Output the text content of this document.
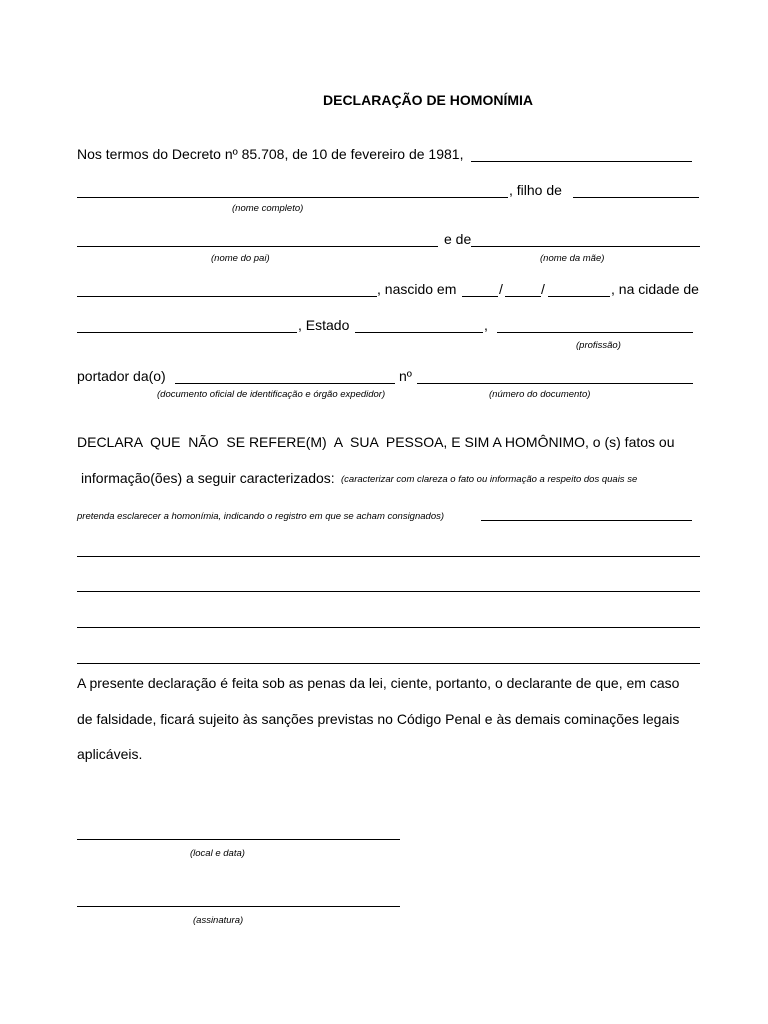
DECLARAÇÃO DE HOMONÍMIA
Nos termos do Decreto nº 85.708, de 10 de fevereiro de 1981,
, filho de
(nome completo)
e de
(nome do pai)	(nome da mãe)
, nascido em	/	/	, na cidade de
, Estado	,
(profissão)
portador da(o)	nº
(documento oficial de identificação e órgão expedidor)	(número do documento)
DECLARA  QUE  NÃO  SE REFERE(M)  A  SUA  PESSOA, E SIM A HOMÔNIMO, o (s) fatos ou
informação(ões) a seguir caracterizados: (caracterizar com clareza o fato ou informação a respeito dos quais se
pretenda esclarecer a homonímia, indicando o registro em que se acham consignados)
A presente declaração é feita sob as penas da lei, ciente, portanto, o declarante de que, em caso
de falsidade, ficará sujeito às sanções previstas no Código Penal e às demais cominações legais
aplicáveis.
(local e data)
(assinatura)
